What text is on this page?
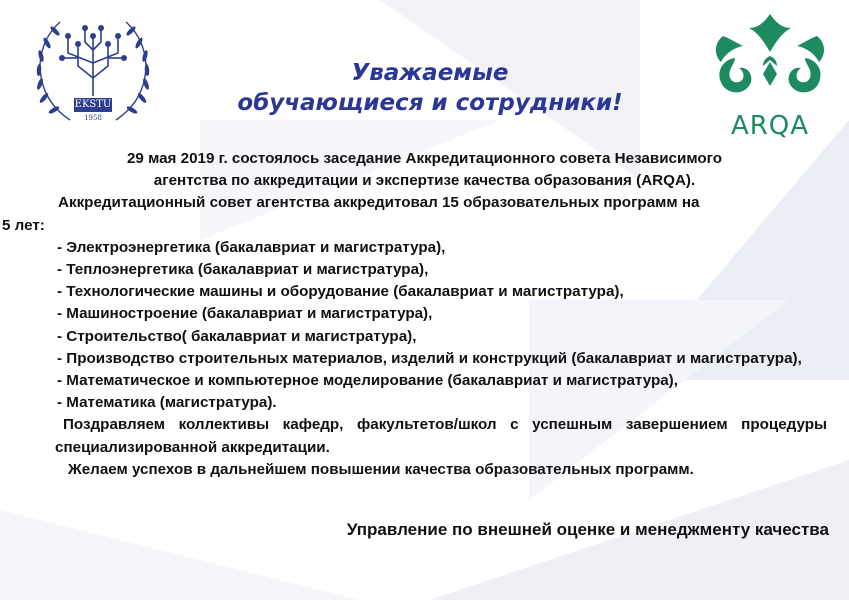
EKSTU
1958	ARQA
Уважаемые
обучающиеся и сотрудники!

29 мая 2019 г. состоялось заседание Аккредитационного совета Независимого

агентства по аккредитации и экспертизе качества образования (ARQA).

Аккредитационный совет агентства аккредитовал 15 образовательных программ на

5 лет:

- Электроэнергетика (бакалавриат и магистратура),

- Теплоэнергетика (бакалавриат и магистратура),

- Технологические машины и оборудование (бакалавриат и магистратура),

- Машиностроение (бакалавриат и магистратура),

- Строительство( бакалавриат и магистратура),

- Производство строительных материалов, изделий и конструкций (бакалавриат и магистратура),

- Математическое и компьютерное моделирование (бакалавриат и магистратура),

- Математика (магистратура).

Поздравляем коллективы кафедр, факультетов/школ с успешным завершением процедуры специализированной аккредитации.

Желаем успехов в дальнейшем повышении качества образовательных программ.

Управление по внешней оценке и менеджменту качества
